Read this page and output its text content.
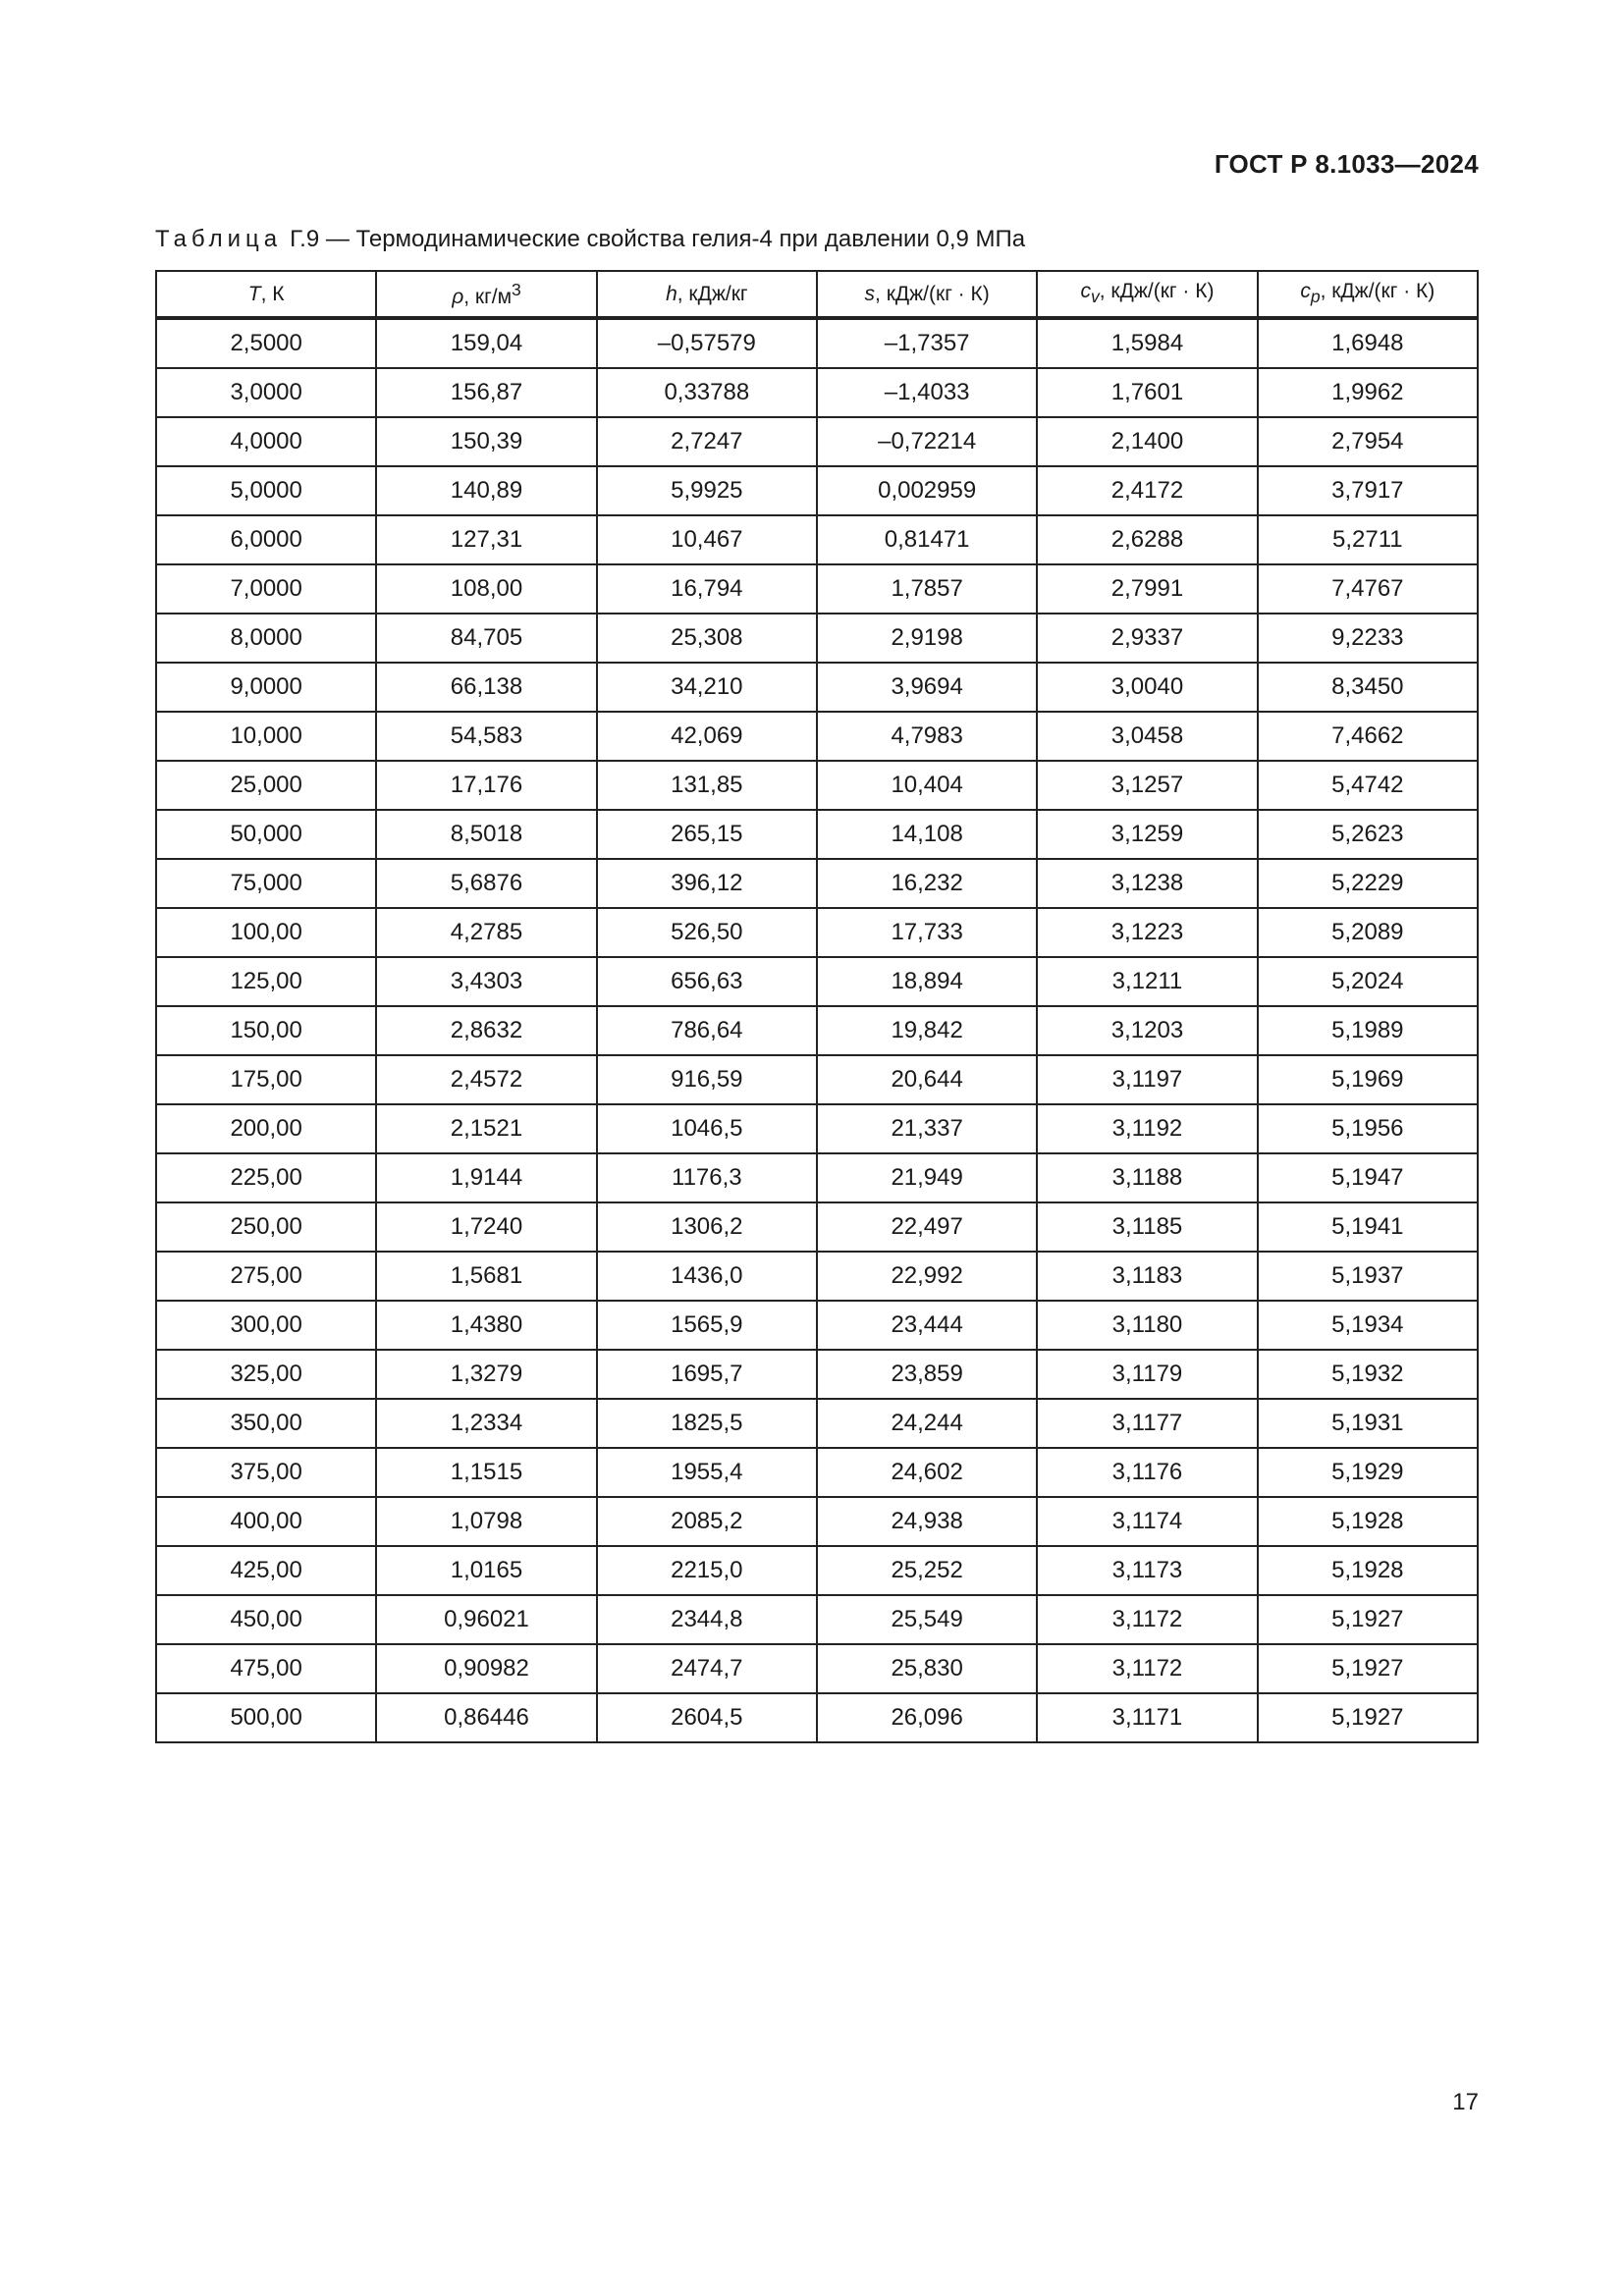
ГОСТ Р 8.1033—2024
Таблица Г.9 — Термодинамические свойства гелия-4 при давлении 0,9 МПа
T, К	ρ, $кг/м^3$	h, кДж/кг	s, кДж/(кг · К)	$c_v$, кДж/(кг · К)	$c_p$, кДж/(кг · К)
2,5000	159,04	–0,57579	–1,7357	1,5984	1,6948
3,0000	156,87	0,33788	–1,4033	1,7601	1,9962
4,0000	150,39	2,7247	–0,72214	2,1400	2,7954
5,0000	140,89	5,9925	0,002959	2,4172	3,7917
6,0000	127,31	10,467	0,81471	2,6288	5,2711
7,0000	108,00	16,794	1,7857	2,7991	7,4767
8,0000	84,705	25,308	2,9198	2,9337	9,2233
9,0000	66,138	34,210	3,9694	3,0040	8,3450
10,000	54,583	42,069	4,7983	3,0458	7,4662
25,000	17,176	131,85	10,404	3,1257	5,4742
50,000	8,5018	265,15	14,108	3,1259	5,2623
75,000	5,6876	396,12	16,232	3,1238	5,2229
100,00	4,2785	526,50	17,733	3,1223	5,2089
125,00	3,4303	656,63	18,894	3,1211	5,2024
150,00	2,8632	786,64	19,842	3,1203	5,1989
175,00	2,4572	916,59	20,644	3,1197	5,1969
200,00	2,1521	1046,5	21,337	3,1192	5,1956
225,00	1,9144	1176,3	21,949	3,1188	5,1947
250,00	1,7240	1306,2	22,497	3,1185	5,1941
275,00	1,5681	1436,0	22,992	3,1183	5,1937
300,00	1,4380	1565,9	23,444	3,1180	5,1934
325,00	1,3279	1695,7	23,859	3,1179	5,1932
350,00	1,2334	1825,5	24,244	3,1177	5,1931
375,00	1,1515	1955,4	24,602	3,1176	5,1929
400,00	1,0798	2085,2	24,938	3,1174	5,1928
425,00	1,0165	2215,0	25,252	3,1173	5,1928
450,00	0,96021	2344,8	25,549	3,1172	5,1927
475,00	0,90982	2474,7	25,830	3,1172	5,1927
500,00	0,86446	2604,5	26,096	3,1171	5,1927
17
